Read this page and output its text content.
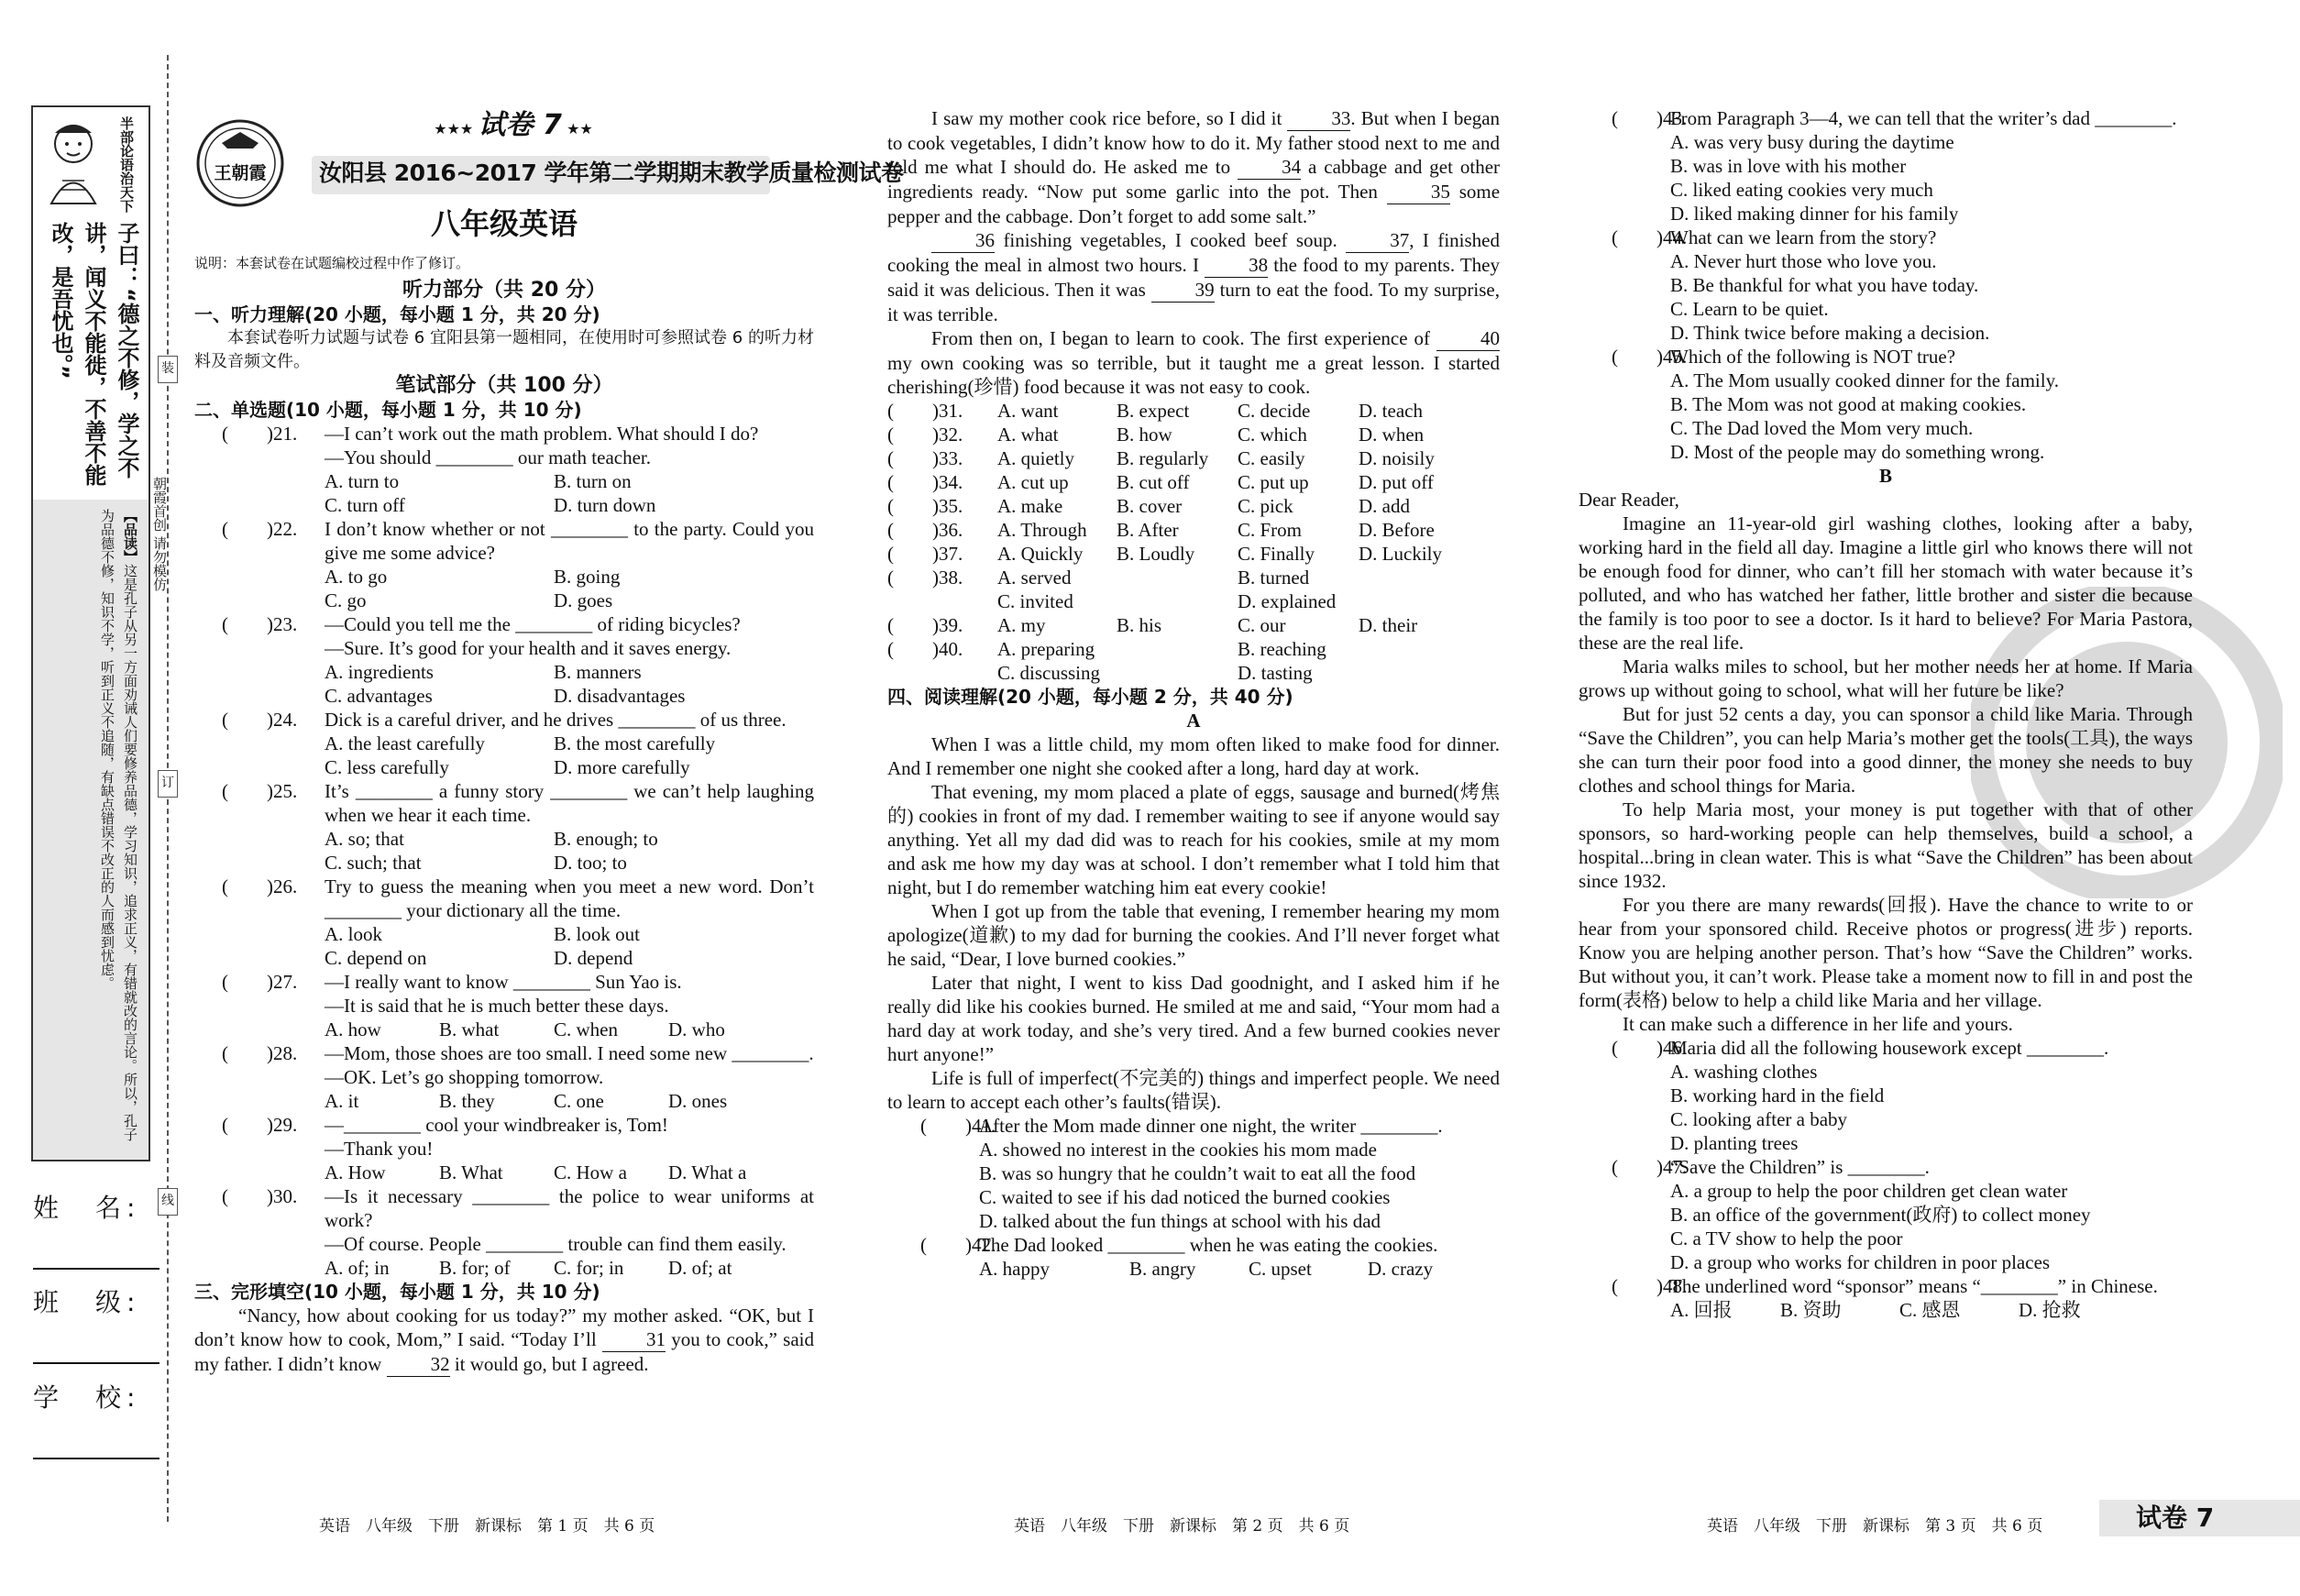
半部论语治天下
子曰：“德之不修，学之不讲，闻义不能徙，不善不能改，是吾忧也。”
【品读】这是孔子从另一方面劝诫人们要修养品德，学习知识，追求正义，有错就改的言论。所以，孔子为品德不修，知识不学，听到正义不追随，有缺点错误不改正的人而感到忧虑。	朝霞首创 请勿模仿
装
订
线
姓　名:
班　级:
学　校:
王朝霞
★★★ 试卷 7 ★★
汝阳县 2016~2017 学年第二学期期末教学质量检测试卷
八年级英语
说明：本套试卷在试题编校过程中作了修订。

听力部分（共 20 分）

一、听力理解(20 小题，每小题 1 分，共 20 分)

本套试卷听力试题与试卷 6 宜阳县第一题相同，在使用时可参照试卷 6 的听力材料及音频文件。

笔试部分（共 100 分）

二、单选题(10 小题，每小题 1 分，共 10 分)

(　　)21.	—I can’t work out the math problem. What should I do?
—You should ________ our math teacher.
A. turn to	B. turn on
C. turn off	D. turn down
(　　)22.	I don’t know whether or not ________ to the party. Could you give me some advice?
A. to go	B. going
C. go	D. goes
(　　)23.	—Could you tell me the ________ of riding bicycles?
—Sure. It’s good for your health and it saves energy.
A. ingredients	B. manners
C. advantages	D. disadvantages
(　　)24.	Dick is a careful driver, and he drives ________ of us three.
A. the least carefully	B. the most carefully
C. less carefully	D. more carefully
(　　)25.	It’s ________ a funny story ________ we can’t help laughing when we hear it each time.
A. so; that	B. enough; to
C. such; that	D. too; to
(　　)26.	Try to guess the meaning when you meet a new word. Don’t ________ your dictionary all the time.
A. look	B. look out
C. depend on	D. depend
(　　)27.	—I really want to know ________ Sun Yao is.
—It is said that he is much better these days.
A. how	B. what	C. when	D. who
(　　)28.	—Mom, those shoes are too small. I need some new ________.
—OK. Let’s go shopping tomorrow.
A. it	B. they	C. one	D. ones
(　　)29.	—________ cool your windbreaker is, Tom!
—Thank you!
A. How	B. What	C. How a	D. What a
(　　)30.	—Is it necessary ________ the police to wear uniforms at work?
—Of course. People ________ trouble can find them easily.
A. of; in	B. for; of	C. for; in	D. of; at

三、完形填空(10 小题，每小题 1 分，共 10 分)

“Nancy, how about cooking for us today?” my mother asked. “OK, but I don’t know how to cook, Mom,” I said. “Today I’ll	31 you to cook,” said my father. I didn’t know	32 it would go, but I agreed.

I saw my mother cook rice before, so I did it	33. But when I began to cook vegetables, I didn’t know how to do it. My father stood next to me and told me what I should do. He asked me to	34 a cabbage and get other ingredients ready. “Now put some garlic into the pot. Then	35 some pepper and the cabbage. Don’t forget to add some salt.”

36 finishing vegetables, I cooked beef soup.	37, I finished cooking the meal in almost two hours. I	38 the food to my parents. They said it was delicious. Then it was	39 turn to eat the food. To my surprise, it was terrible.

From then on, I began to learn to cook. The first experience of	40 my own cooking was so terrible, but it taught me a great lesson. I started cherishing(珍惜) food because it was not easy to cook.

(　　)31.	A. want	B. expect	C. decide	D. teach
(　　)32.	A. what	B. how	C. which	D. when
(　　)33.	A. quietly	B. regularly	C. easily	D. noisily
(　　)34.	A. cut up	B. cut off	C. put up	D. put off
(　　)35.	A. make	B. cover	C. pick	D. add
(　　)36.	A. Through	B. After	C. From	D. Before
(　　)37.	A. Quickly	B. Loudly	C. Finally	D. Luckily
(　　)38.	A. served	B. turned
C. invited	D. explained
(　　)39.	A. my	B. his	C. our	D. their
(　　)40.	A. preparing	B. reaching
C. discussing	D. tasting

四、阅读理解(20 小题，每小题 2 分，共 40 分)

A

When I was a little child, my mom often liked to make food for dinner. And I remember one night she cooked after a long, hard day at work.

That evening, my mom placed a plate of eggs, sausage and burned(烤焦的) cookies in front of my dad. I remember waiting to see if anyone would say anything. Yet all my dad did was to reach for his cookies, smile at my mom and ask me how my day was at school. I don’t remember what I told him that night, but I do remember watching him eat every cookie!

When I got up from the table that evening, I remember hearing my mom apologize(道歉) to my dad for burning the cookies. And I’ll never forget what he said, “Dear, I love burned cookies.”

Later that night, I went to kiss Dad goodnight, and I asked him if he really did like his cookies burned. He smiled at me and said, “Your mom had a hard day at work today, and she’s very tired. And a few burned cookies never hurt anyone!”

Life is full of imperfect(不完美的) things and imperfect people. We need to learn to accept each other’s faults(错误).

(　　)41.
After the Mom made dinner one night, the writer ________.
A. showed no interest in the cookies his mom made
B. was so hungry that he couldn’t wait to eat all the food
C. waited to see if his dad noticed the burned cookies
D. talked about the fun things at school with his dad
(　　)42.
The Dad looked ________ when he was eating the cookies.
A. happy	B. angry	C. upset	D. crazy
(　　)43.
From Paragraph 3—4, we can tell that the writer’s dad ________.
A. was very busy during the daytime
B. was in love with his mother
C. liked eating cookies very much
D. liked making dinner for his family
(　　)44.
What can we learn from the story?
A. Never hurt those who love you.
B. Be thankful for what you have today.
C. Learn to be quiet.
D. Think twice before making a decision.
(　　)45.
Which of the following is NOT true?
A. The Mom usually cooked dinner for the family.
B. The Mom was not good at making cookies.
C. The Dad loved the Mom very much.
D. Most of the people may do something wrong.

B

Dear Reader,

Imagine an 11-year-old girl washing clothes, looking after a baby, working hard in the field all day. Imagine a little girl who knows there will not be enough food for dinner, who can’t fill her stomach with water because it’s polluted, and who has watched her father, little brother and sister die because the family is too poor to see a doctor. Is it hard to believe? For Maria Pastora, these are the real life.

Maria walks miles to school, but her mother needs her at home. If Maria grows up without going to school, what will her future be like?

But for just 52 cents a day, you can sponsor a child like Maria. Through “Save the Children”, you can help Maria’s mother get the tools(工具), the ways she can turn their poor food into a good dinner, the money she needs to buy clothes and school things for Maria.

To help Maria most, your money is put together with that of other sponsors, so hard-working people can help themselves, build a school, a hospital...bring in clean water. This is what “Save the Children” has been about since 1932.

For you there are many rewards(回报). Have the chance to write to or hear from your sponsored child. Receive photos or progress(进步) reports. Know you are helping another person. That’s how “Save the Children” works. But without you, it can’t work. Please take a moment now to fill in and post the form(表格) below to help a child like Maria and her village.

It can make such a difference in her life and yours.

(　　)46.
Maria did all the following housework except ________.
A. washing clothes
B. working hard in the field
C. looking after a baby
D. planting trees
(　　)47.
“Save the Children” is ________.
A. a group to help the poor children get clean water
B. an office of the government(政府) to collect money
C. a TV show to help the poor
D. a group who works for children in poor places
(　　)48.
The underlined word “sponsor” means “________” in Chinese.
A. 回报	B. 资助	C. 感恩	D. 抢救
英语　八年级　下册　新课标　第 1 页　共 6 页	英语　八年级　下册　新课标　第 2 页　共 6 页	英语　八年级　下册　新课标　第 3 页　共 6 页	试卷 7
